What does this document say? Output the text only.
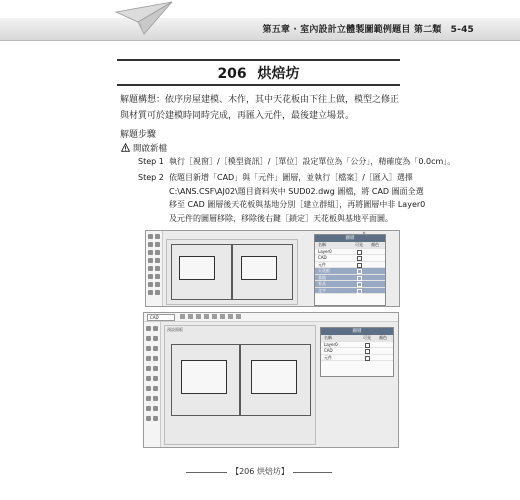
第五章 ‧ 室內設計立體製圖範例題目 第二類　5-45
206 烘焙坊
解題構想：依序房屋建模、木作，其中天花板由下往上做，模型之修正
與材質可於建模時同時完成，再匯入元件，最後建立場景。
解題步驟
開啟新檔
Step 1 執行［視窗］/［模型資訊］/［單位］設定單位為「公分」，精確度為「0.0cm」。
Step 2 依題目新增「CAD」與「元件」圖層，並執行［檔案］/［匯入］選擇
C:\ANS.CSF\AJ02\題目資料夾中 SUD02.dwg 圖檔，將 CAD 圖面全選
移至 CAD 圖層後天花板與基地分別［建立群組］，再將圖層中非 Layer0
及元件的圖層移除，移除後右鍵［鎖定］天花板與基地平面圖。
圖層
名稱	可見 顏色
Layer0
CAD
元件
天花板
基地
家具
文字
↖
CAD
預設面板	圖層
名稱	可見 顏色
Layer0
CAD
元件
【206 烘焙坊】
